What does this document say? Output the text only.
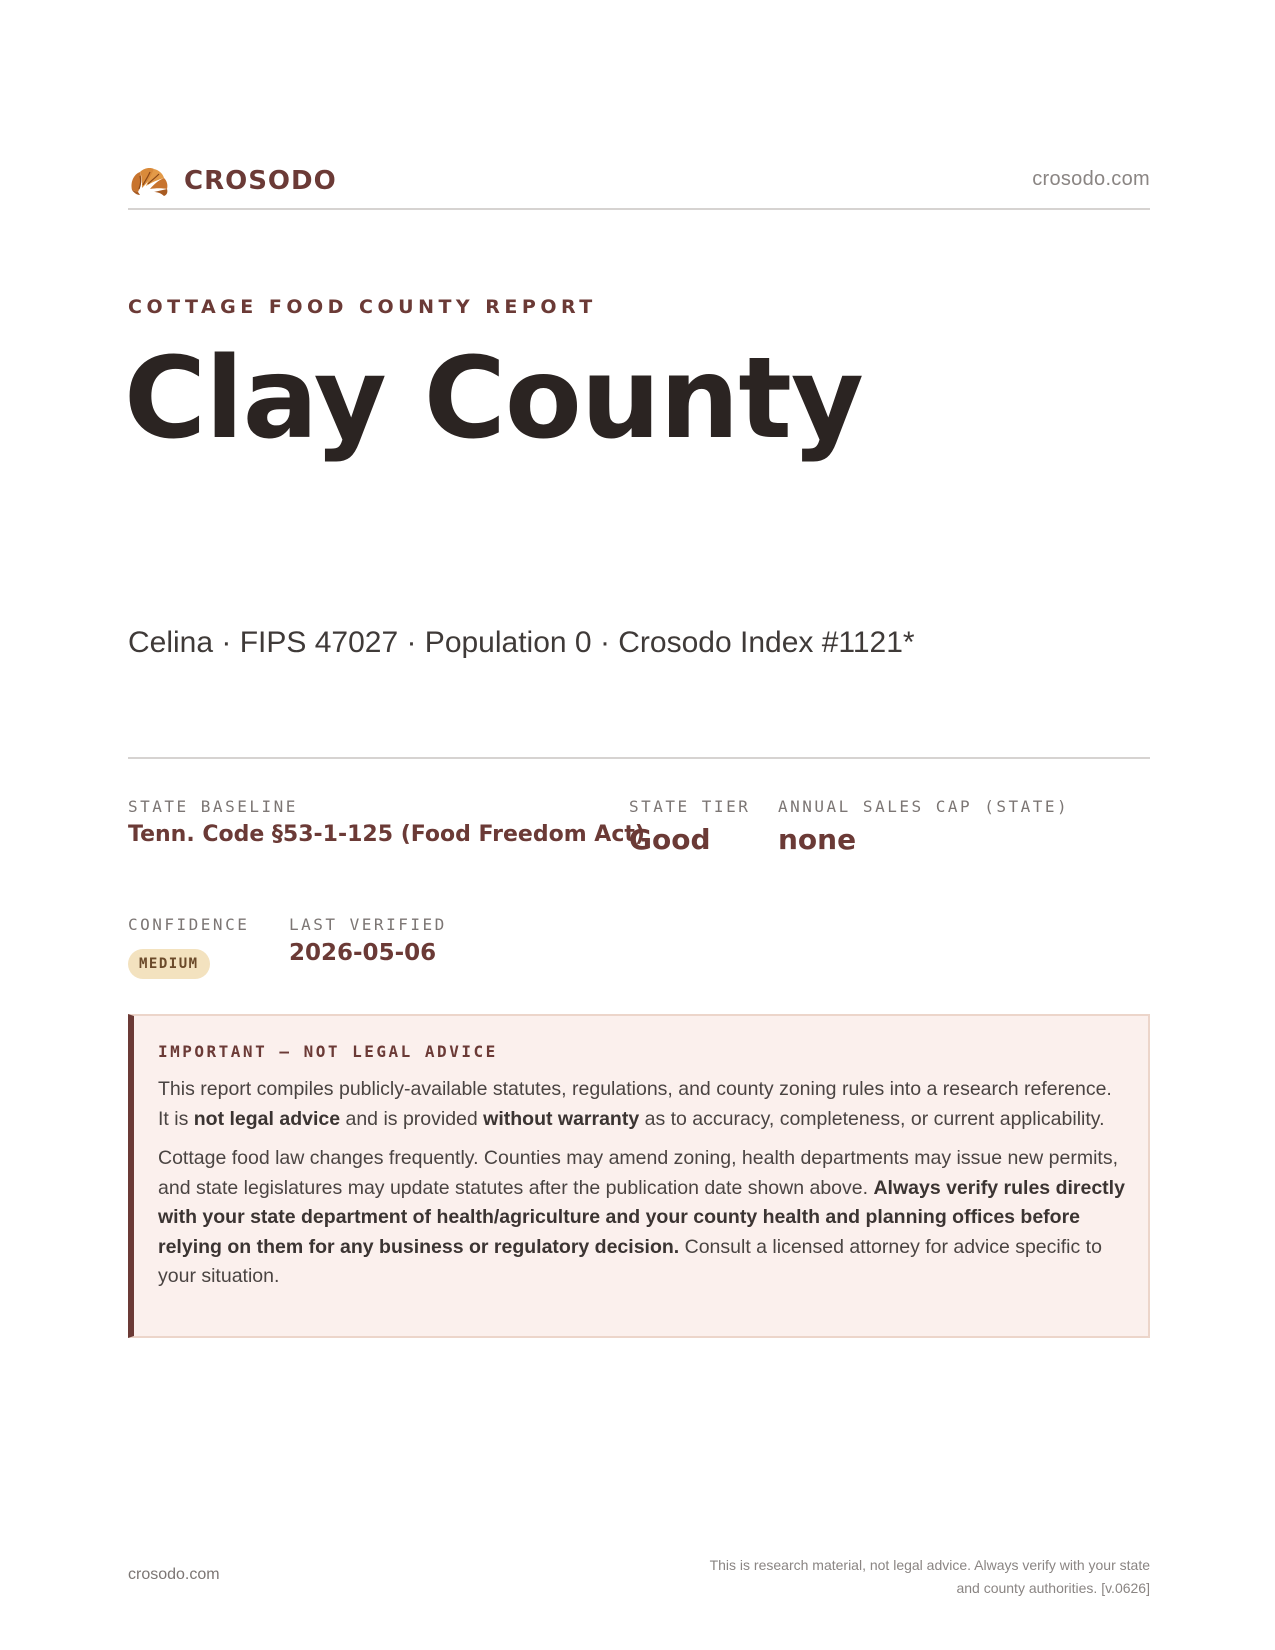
CROSODO	crosodo.com
COTTAGE FOOD COUNTY REPORT
Clay County
Celina · FIPS 47027 · Population 0 · Crosodo Index #1121*
STATE BASELINE
Tenn. Code §53-1-125 (Food Freedom Act)
STATE TIER
Good
ANNUAL SALES CAP (STATE)
none
CONFIDENCE
MEDIUM
LAST VERIFIED
2026-05-06
IMPORTANT — NOT LEGAL ADVICE

This report compiles publicly-available statutes, regulations, and county zoning rules into a research reference. It is not legal advice and is provided without warranty as to accuracy, completeness, or current applicability.

Cottage food law changes frequently. Counties may amend zoning, health departments may issue new permits, and state legislatures may update statutes after the publication date shown above. Always verify rules directly with your state department of health/agriculture and your county health and planning offices before relying on them for any business or regulatory decision. Consult a licensed attorney for advice specific to your situation.

crosodo.com
This is research material, not legal advice. Always verify with your state
and county authorities. [v.0626]
